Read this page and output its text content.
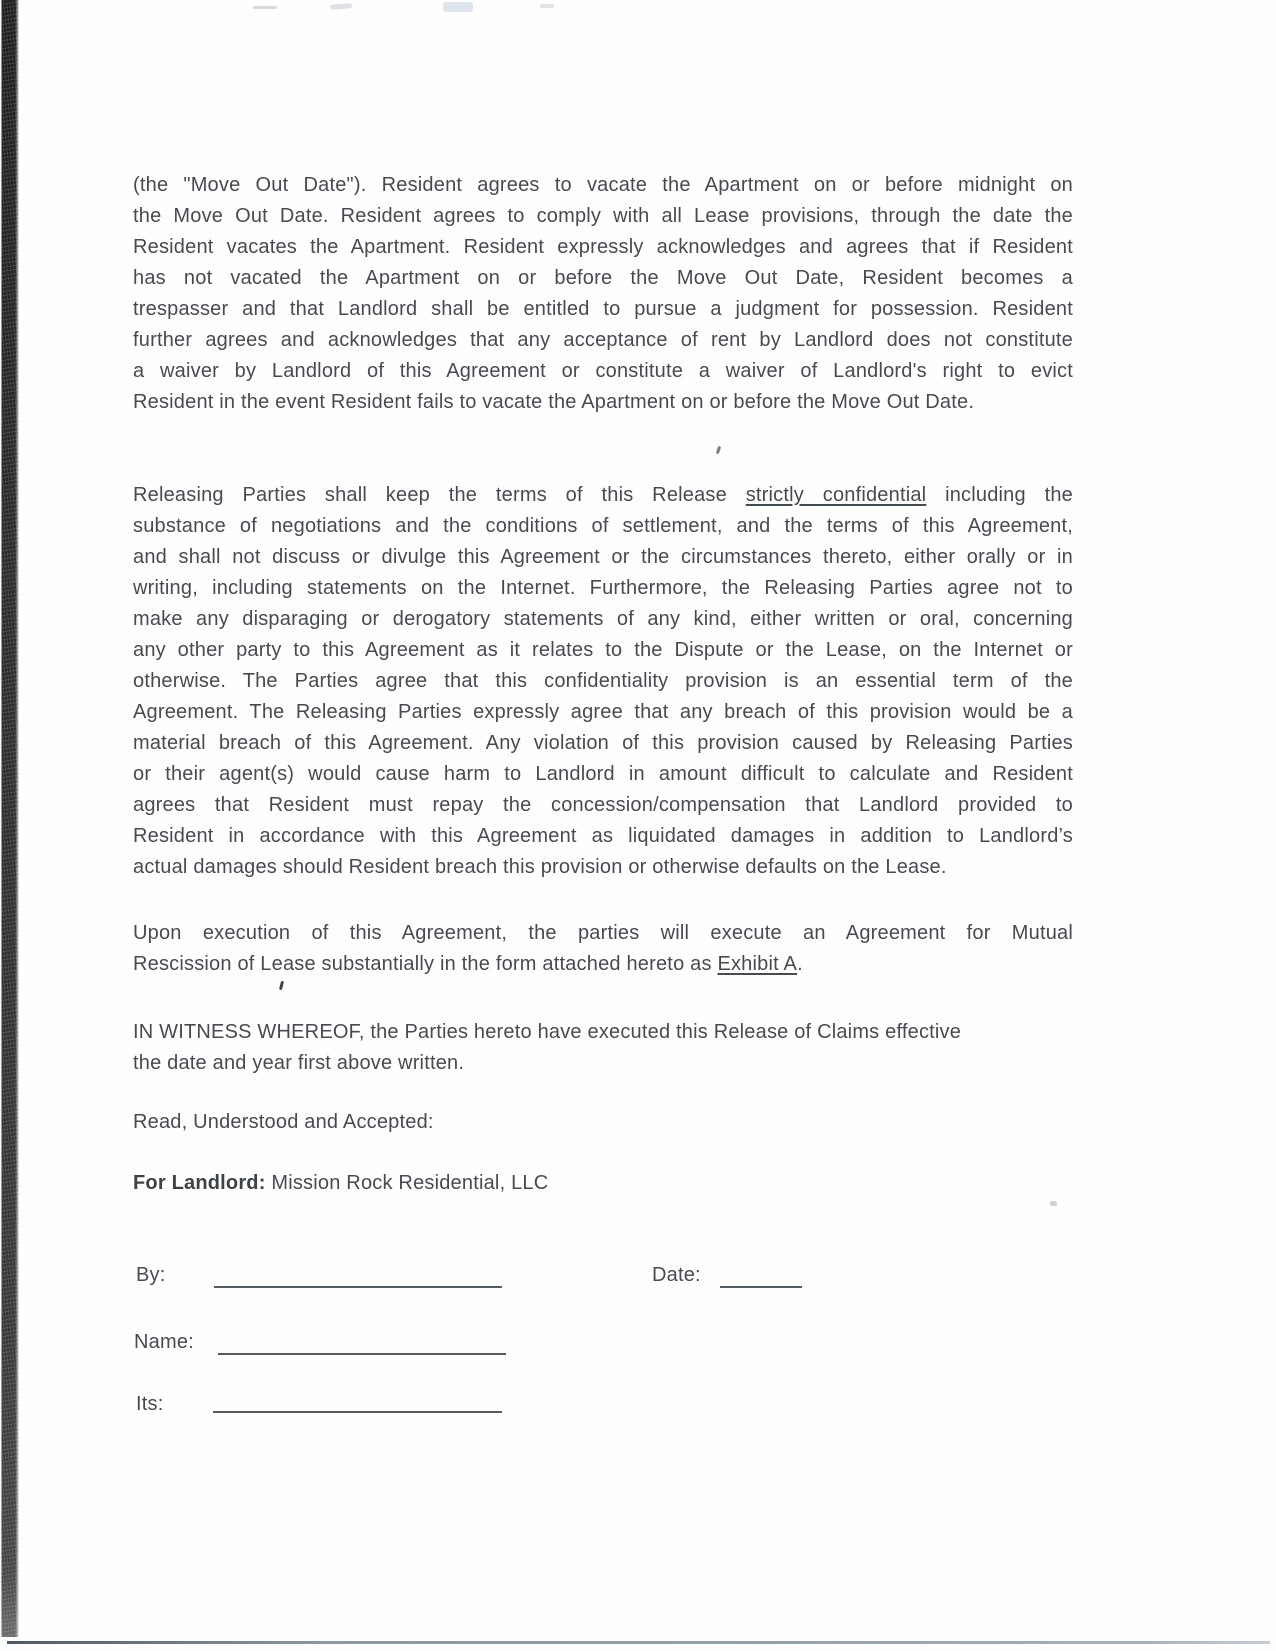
(the "Move Out Date"). Resident agrees to vacate the Apartment on or before midnight on
the Move Out Date. Resident agrees to comply with all Lease provisions, through the date the
Resident vacates the Apartment. Resident expressly acknowledges and agrees that if Resident
has not vacated the Apartment on or before the Move Out Date, Resident becomes a
trespasser and that Landlord shall be entitled to pursue a judgment for possession. Resident
further agrees and acknowledges that any acceptance of rent by Landlord does not constitute
a waiver by Landlord of this Agreement or constitute a waiver of Landlord's right to evict
Resident in the event Resident fails to vacate the Apartment on or before the Move Out Date.
Releasing Parties shall keep the terms of this Release strictly confidential including the
substance of negotiations and the conditions of settlement, and the terms of this Agreement,
and shall not discuss or divulge this Agreement or the circumstances thereto, either orally or in
writing, including statements on the Internet. Furthermore, the Releasing Parties agree not to
make any disparaging or derogatory statements of any kind, either written or oral, concerning
any other party to this Agreement as it relates to the Dispute or the Lease, on the Internet or
otherwise. The Parties agree that this confidentiality provision is an essential term of the
Agreement. The Releasing Parties expressly agree that any breach of this provision would be a
material breach of this Agreement. Any violation of this provision caused by Releasing Parties
or their agent(s) would cause harm to Landlord in amount difficult to calculate and Resident
agrees that Resident must repay the concession/compensation that Landlord provided to
Resident in accordance with this Agreement as liquidated damages in addition to Landlord’s
actual damages should Resident breach this provision or otherwise defaults on the Lease.
Upon execution of this Agreement, the parties will execute an Agreement for Mutual
Rescission of Lease substantially in the form attached hereto as Exhibit A.
IN WITNESS WHEREOF, the Parties hereto have executed this Release of Claims effective
the date and year first above written.
Read, Understood and Accepted:
For Landlord: Mission Rock Residential, LLC
By:	Date:
Name:
Its:
